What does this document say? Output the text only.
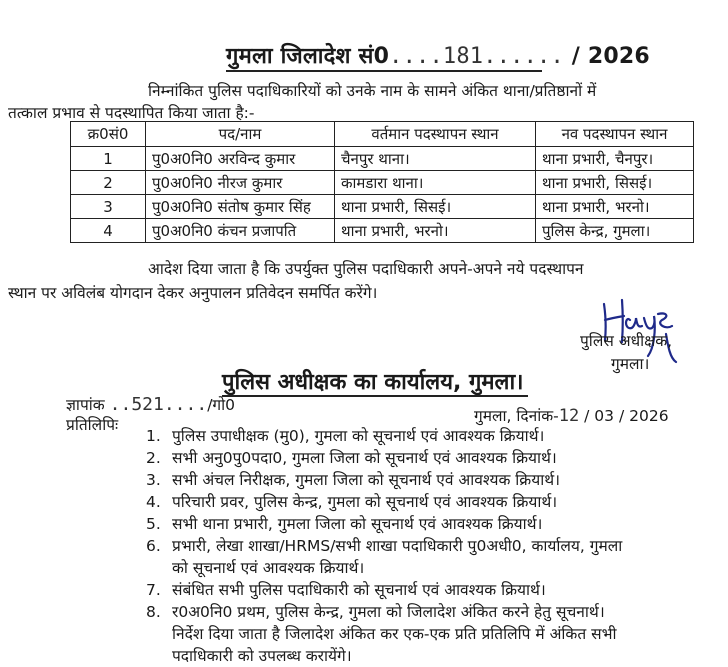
गुमला जिलादेश सं0....181...... / 2026
निम्नांकित पुलिस पदाधिकारियों को उनके नाम के सामने अंकित थाना/प्रतिष्ठानों में
तत्काल प्रभाव से पदस्थापित किया जाता है:-
क्र0सं0	पद/नाम	वर्तमान पदस्थापन स्थान	नव पदस्थापन स्थान
1	पु0अ0नि0 अरविन्द कुमार	चैनपुर थाना।	थाना प्रभारी, चैनपुर।
2	पु0अ0नि0 नीरज कुमार	कामडारा थाना।	थाना प्रभारी, सिसई।
3	पु0अ0नि0 संतोष कुमार सिंह	थाना प्रभारी, सिसई।	थाना प्रभारी, भरनो।
4	पु0अ0नि0 कंचन प्रजापति	थाना प्रभारी, भरनो।	पुलिस केन्द्र, गुमला।
आदेश दिया जाता है कि उपर्युक्त पुलिस पदाधिकारी अपने-अपने नये पदस्थापन
स्थान पर अविलंब योगदान देकर अनुपालन प्रतिवेदन समर्पित करेंगे।
पुलिस अधीक्षक,
गुमला।
पुलिस अधीक्षक का कार्यालय, गुमला।
ज्ञापांक ..521..../गो0
गुमला, दिनांक-12 / 03 / 2026
प्रतिलिपिः
1. पुलिस उपाधीक्षक (मु0), गुमला को सूचनार्थ एवं आवश्यक क्रियार्थ।
2. सभी अनु0पु0पदा0, गुमला जिला को सूचनार्थ एवं आवश्यक क्रियार्थ।
3. सभी अंचल निरीक्षक, गुमला जिला को सूचनार्थ एवं आवश्यक क्रियार्थ।
4. परिचारी प्रवर, पुलिस केन्द्र, गुमला को सूचनार्थ एवं आवश्यक क्रियार्थ।
5. सभी थाना प्रभारी, गुमला जिला को सूचनार्थ एवं आवश्यक क्रियार्थ।
6. प्रभारी, लेखा शाखा/HRMS/सभी शाखा पदाधिकारी पु0अधी0, कार्यालय, गुमला
को सूचनार्थ एवं आवश्यक क्रियार्थ।
7. संबंधित सभी पुलिस पदाधिकारी को सूचनार्थ एवं आवश्यक क्रियार्थ।
8. र0अ0नि0 प्रथम, पुलिस केन्द्र, गुमला को जिलादेश अंकित करने हेतु सूचनार्थ।
निर्देश दिया जाता है जिलादेश अंकित कर एक-एक प्रति प्रतिलिपि में अंकित सभी
पदाधिकारी को उपलब्ध करायेंगे।
